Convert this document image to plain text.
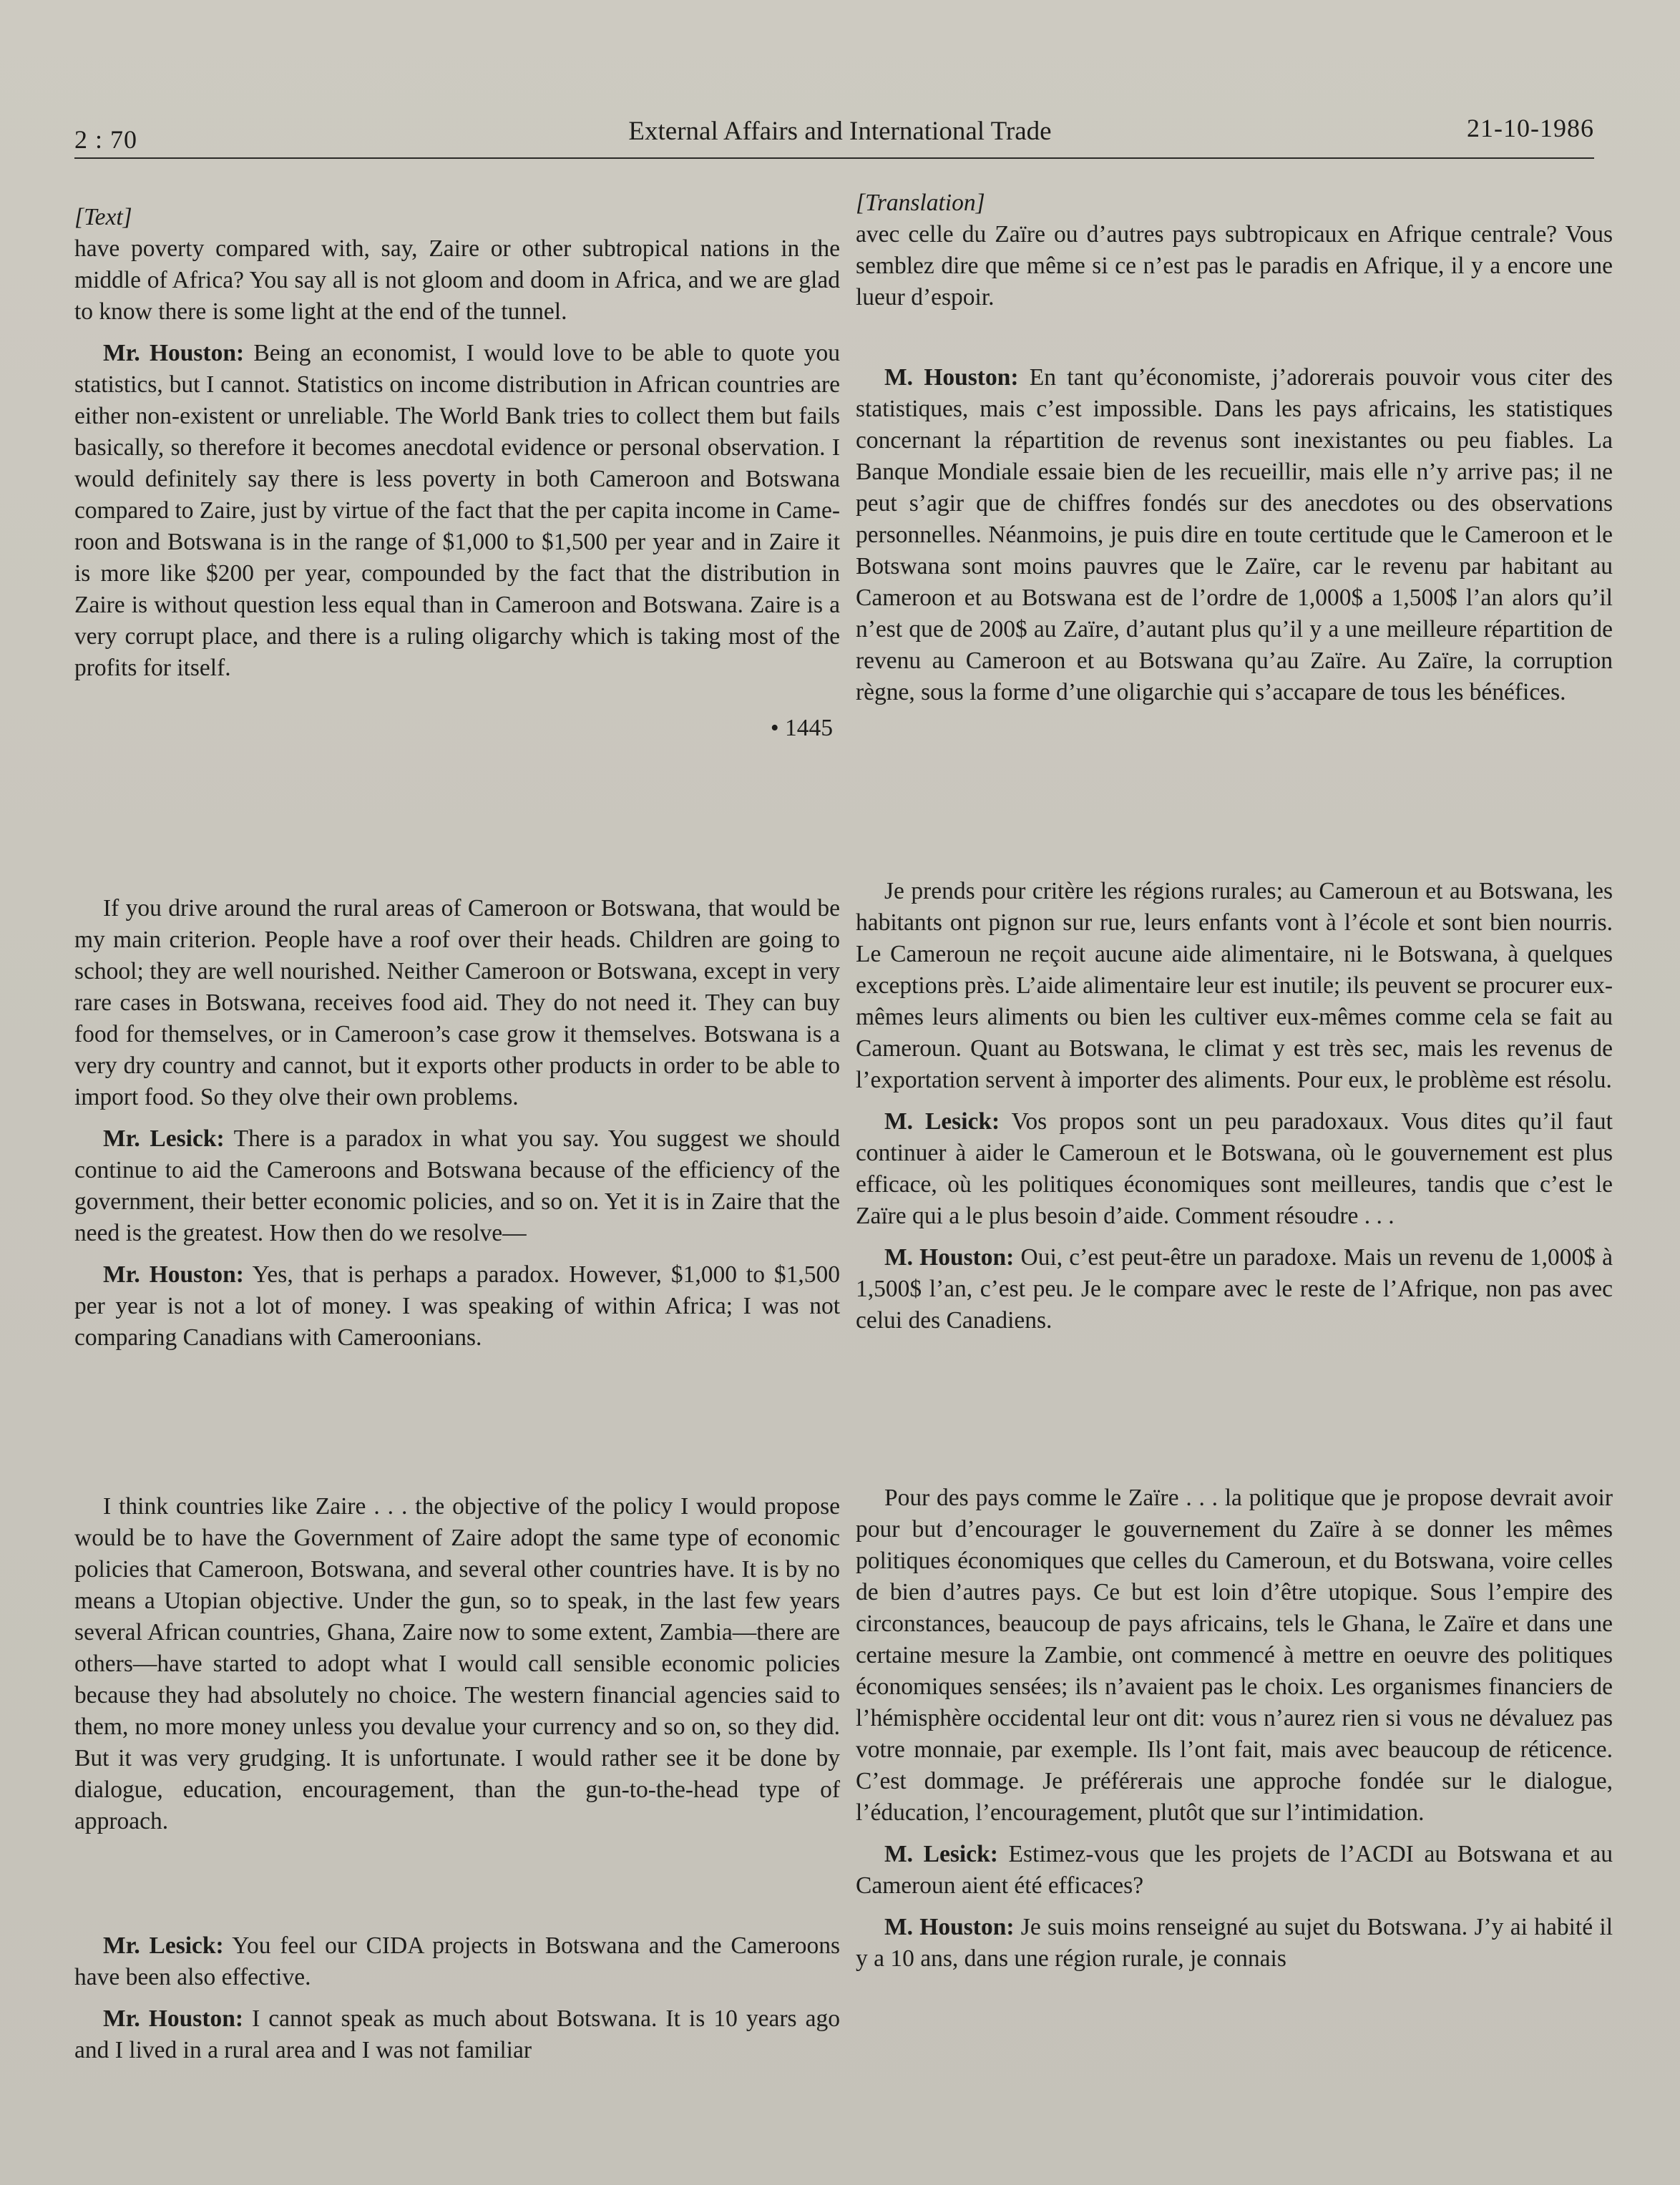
2 : 70	External Affairs and International Trade	21-10-1986

[Text]

have poverty compared with, say, Zaire or other subtropical nations in the middle of Africa? You say all is not gloom and doom in Africa, and we are glad to know there is some light at the end of the tunnel.

Mr. Houston: Being an economist, I would love to be able to quote you statistics, but I cannot. Statistics on income distribution in African countries are either non-existent or unreliable. The World Bank tries to collect them but fails basically, so therefore it becomes anecdotal evidence or personal observation. I would definitely say there is less poverty in both Cameroon and Botswana compared to Zaire, just by virtue of the fact that the per capita income in Cameroon and Botswana is in the range of $1,000 to $1,500 per year and in Zaire it is more like $200 per year, compounded by the fact that the distribution in Zaire is without question less equal than in Cameroon and Botswana. Zaire is a very corrupt place, and there is a ruling oligarchy which is taking most of the profits for itself.

• 1445

If you drive around the rural areas of Cameroon or Botswana, that would be my main criterion. People have a roof over their heads. Children are going to school; they are well nourished. Neither Cameroon or Botswana, except in very rare cases in Botswana, receives food aid. They do not need it. They can buy food for themselves, or in Cameroon’s case grow it themselves. Botswana is a very dry country and cannot, but it exports other products in order to be able to import food. So they olve their own problems.

Mr. Lesick: There is a paradox in what you say. You suggest we should continue to aid the Cameroons and Botswana because of the efficiency of the government, their better economic policies, and so on. Yet it is in Zaire that the need is the greatest. How then do we resolve—

Mr. Houston: Yes, that is perhaps a paradox. However, $1,000 to $1,500 per year is not a lot of money. I was speaking of within Africa; I was not comparing Canadians with Cameroonians.

I think countries like Zaire . . . the objective of the policy I would propose would be to have the Government of Zaire adopt the same type of economic policies that Cameroon, Botswana, and several other countries have. It is by no means a Utopian objective. Under the gun, so to speak, in the last few years several African countries, Ghana, Zaire now to some extent, Zambia—there are others—have started to adopt what I would call sensible economic policies because they had absolutely no choice. The western financial agencies said to them, no more money unless you devalue your currency and so on, so they did. But it was very grudging. It is unfortunate. I would rather see it be done by dialogue, education, encouragement, than the gun-to-the-head type of approach.

Mr. Lesick: You feel our CIDA projects in Botswana and the Cameroons have been also effective.

Mr. Houston: I cannot speak as much about Botswana. It is 10 years ago and I lived in a rural area and I was not familiar

[Translation]

avec celle du Zaïre ou d’autres pays subtropicaux en Afrique centrale? Vous semblez dire que même si ce n’est pas le paradis en Afrique, il y a encore une lueur d’espoir.

M. Houston: En tant qu’économiste, j’adorerais pouvoir vous citer des statistiques, mais c’est impossible. Dans les pays africains, les statistiques concernant la répartition de revenus sont inexistantes ou peu fiables. La Banque Mondiale essaie bien de les recueillir, mais elle n’y arrive pas; il ne peut s’agir que de chiffres fondés sur des anecdotes ou des observations personnelles. Néanmoins, je puis dire en toute certitude que le Cameroon et le Botswana sont moins pauvres que le Zaïre, car le revenu par habitant au Cameroon et au Botswana est de l’ordre de 1,000$ a 1,500$ l’an alors qu’il n’est que de 200$ au Zaïre, d’autant plus qu’il y a une meilleure répartition de revenu au Cameroon et au Botswana qu’au Zaïre. Au Zaïre, la corruption règne, sous la forme d’une oligarchie qui s’accapare de tous les bénéfices.

Je prends pour critère les régions rurales; au Cameroun et au Botswana, les habitants ont pignon sur rue, leurs enfants vont à l’école et sont bien nourris. Le Cameroun ne reçoit aucune aide alimentaire, ni le Botswana, à quelques exceptions près. L’aide alimentaire leur est inutile; ils peuvent se procurer eux-mêmes leurs aliments ou bien les cultiver eux-mêmes comme cela se fait au Cameroun. Quant au Botswana, le climat y est très sec, mais les revenus de l’exportation servent à importer des aliments. Pour eux, le problème est résolu.

M. Lesick: Vos propos sont un peu paradoxaux. Vous dites qu’il faut continuer à aider le Cameroun et le Botswana, où le gouvernement est plus efficace, où les politiques économiques sont meilleures, tandis que c’est le Zaïre qui a le plus besoin d’aide. Comment résoudre . . .

M. Houston: Oui, c’est peut-être un paradoxe. Mais un revenu de 1,000$ à 1,500$ l’an, c’est peu. Je le compare avec le reste de l’Afrique, non pas avec celui des Canadiens.

Pour des pays comme le Zaïre . . . la politique que je propose devrait avoir pour but d’encourager le gouvernement du Zaïre à se donner les mêmes politiques économiques que celles du Cameroun, et du Botswana, voire celles de bien d’autres pays. Ce but est loin d’être utopique. Sous l’empire des circonstances, beaucoup de pays africains, tels le Ghana, le Zaïre et dans une certaine mesure la Zambie, ont commencé à mettre en oeuvre des politiques économiques sensées; ils n’avaient pas le choix. Les organismes financiers de l’hémisphère occidental leur ont dit: vous n’aurez rien si vous ne dévaluez pas votre monnaie, par exemple. Ils l’ont fait, mais avec beaucoup de réticence. C’est dommage. Je préférerais une approche fondée sur le dialogue, l’éducation, l’encouragement, plutôt que sur l’intimidation.

M. Lesick: Estimez-vous que les projets de l’ACDI au Botswana et au Cameroun aient été efficaces?

M. Houston: Je suis moins renseigné au sujet du Botswana. J’y ai habité il y a 10 ans, dans une région rurale, je connais
